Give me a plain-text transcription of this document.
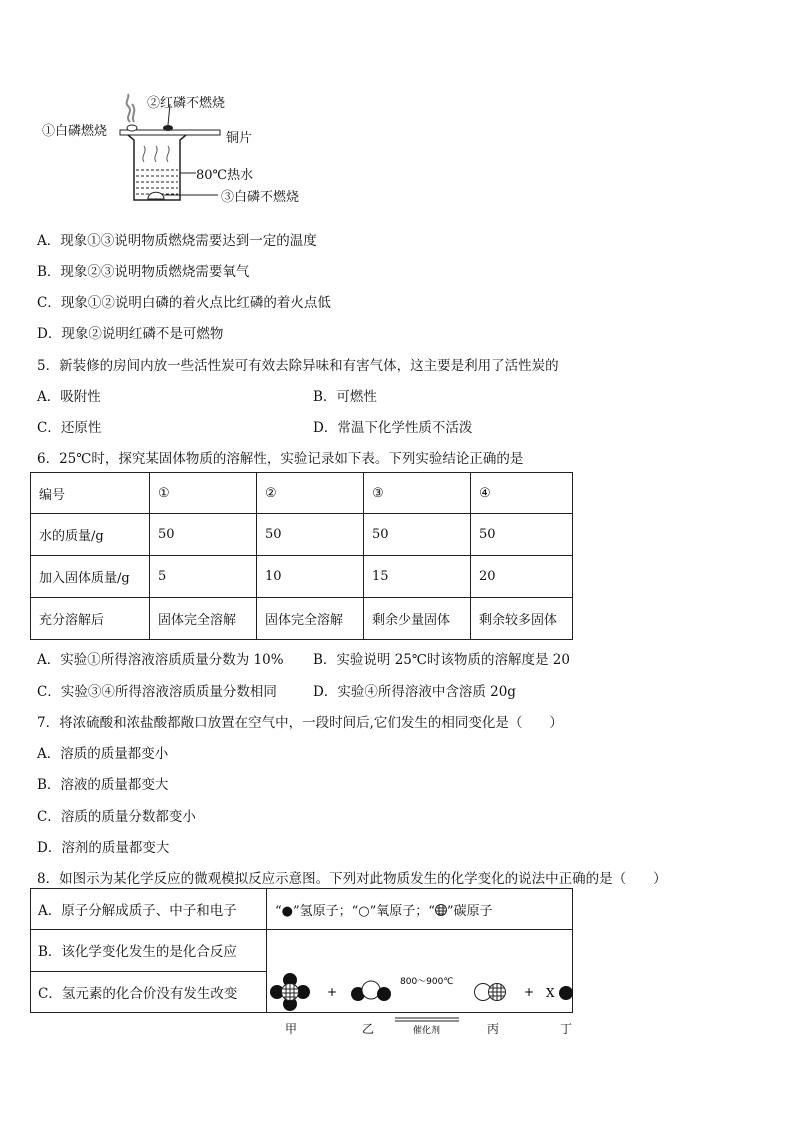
①白磷燃烧
②红磷不燃烧
铜片
80℃热水
③白磷不燃烧
A．现象①③说明物质燃烧需要达到一定的温度
B．现象②③说明物质燃烧需要氧气
C．现象①②说明白磷的着火点比红磷的着火点低
D．现象②说明红磷不是可燃物
5．新装修的房间内放一些活性炭可有效去除异味和有害气体，这主要是利用了活性炭的
A．吸附性	B．可燃性
C．还原性	D．常温下化学性质不活泼
6．25℃时，探究某固体物质的溶解性，实验记录如下表。下列实验结论正确的是
编号	①	②	③	④
水的质量/g	50	50	50	50
加入固体质量/g	5	10	15	20
充分溶解后	固体完全溶解	固体完全溶解	剩余少量固体	剩余较多固体
A．实验①所得溶液溶质质量分数为 10% B．实验说明 25℃时该物质的溶解度是 20
C．实验③④所得溶液溶质质量分数相同	D．实验④所得溶液中含溶质 20g
7．将浓硫酸和浓盐酸都敞口放置在空气中，一段时间后,它们发生的相同变化是（　　）
A．溶质的质量都变小
B．溶液的质量都变大
C．溶质的质量分数都变小
D．溶剂的质量都变大
8．如图示为某化学反应的微观模拟反应示意图。下列对此物质发生的化学变化的说法中正确的是（　　）
A．原子分解成质子、中子和电子	“●”氢原子；“○”氧原子；“ ”碳原子
B．该化学变化发生的是化合反应	
C．氢元素的化合价没有发生改变		+
800～900℃
催化剂
+ X
甲	乙	丙	丁
